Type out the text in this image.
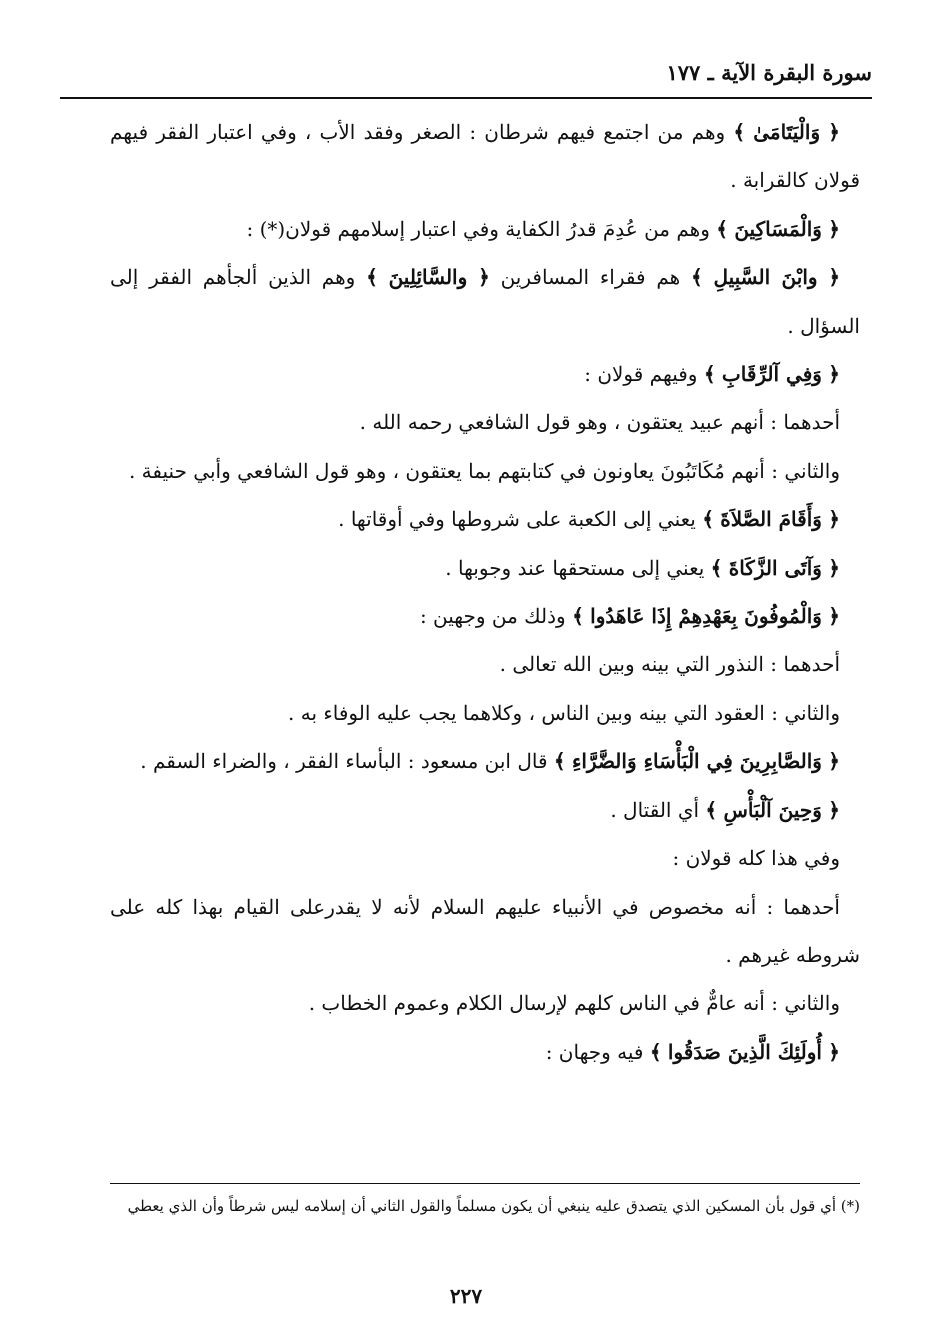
سورة البقرة الآية ـ ١٧٧

﴿ وَالْيَتَامَىٰ ﴾ وهم من اجتمع فيهم شرطان : الصغر وفقد الأب ، وفي اعتبار الفقر فيهم قولان كالقرابة .

﴿ وَالْمَسَاكِينَ ﴾ وهم من عُدِمَ قدرُ الكفاية وفي اعتبار إسلامهم قولان(*) :

﴿ وابْنَ السَّبِيلِ ﴾ هم فقراء المسافرين ﴿ والسَّائِلِينَ ﴾ وهم الذين ألجأهم الفقر إلى السؤال .

﴿ وَفِي آلرِّقَابِ ﴾ وفيهم قولان :

أحدهما : أنهم عبيد يعتقون ، وهو قول الشافعي رحمه الله .

والثاني : أنهم مُكَاتَبُونَ يعاونون في كتابتهم بما يعتقون ، وهو قول الشافعي وأبي حنيفة .

﴿ وَأَقَامَ الصَّلاَةَ ﴾ يعني إلى الكعبة على شروطها وفي أوقاتها .

﴿ وَآتَى الزَّكَاةَ ﴾ يعني إلى مستحقها عند وجوبها .

﴿ وَالْمُوفُونَ بِعَهْدِهِمْ إِذَا عَاهَدُوا ﴾ وذلك من وجهين :

أحدهما : النذور التي بينه وبين الله تعالى .

والثاني : العقود التي بينه وبين الناس ، وكلاهما يجب عليه الوفاء به .

﴿ وَالصَّابِرِينَ فِي الْبَأْسَاءِ وَالضَّرَّاءِ ﴾ قال ابن مسعود : البأساء الفقر ، والضراء السقم .

﴿ وَحِينَ آلْبَأْسِ ﴾ أي القتال .

وفي هذا كله قولان :

أحدهما : أنه مخصوص في الأنبياء عليهم السلام لأنه لا يقدرعلى القيام بهذا كله على شروطه غيرهم .

والثاني : أنه عامٌّ في الناس كلهم لإرسال الكلام وعموم الخطاب .

﴿ أُولَئِكَ الَّذِينَ صَدَقُوا ﴾ فيه وجهان :

(*) أي قول بأن المسكين الذي يتصدق عليه ينبغي أن يكون مسلماً والقول الثاني أن إسلامه ليس شرطاً وأن الذي يعطي
٢٢٧
